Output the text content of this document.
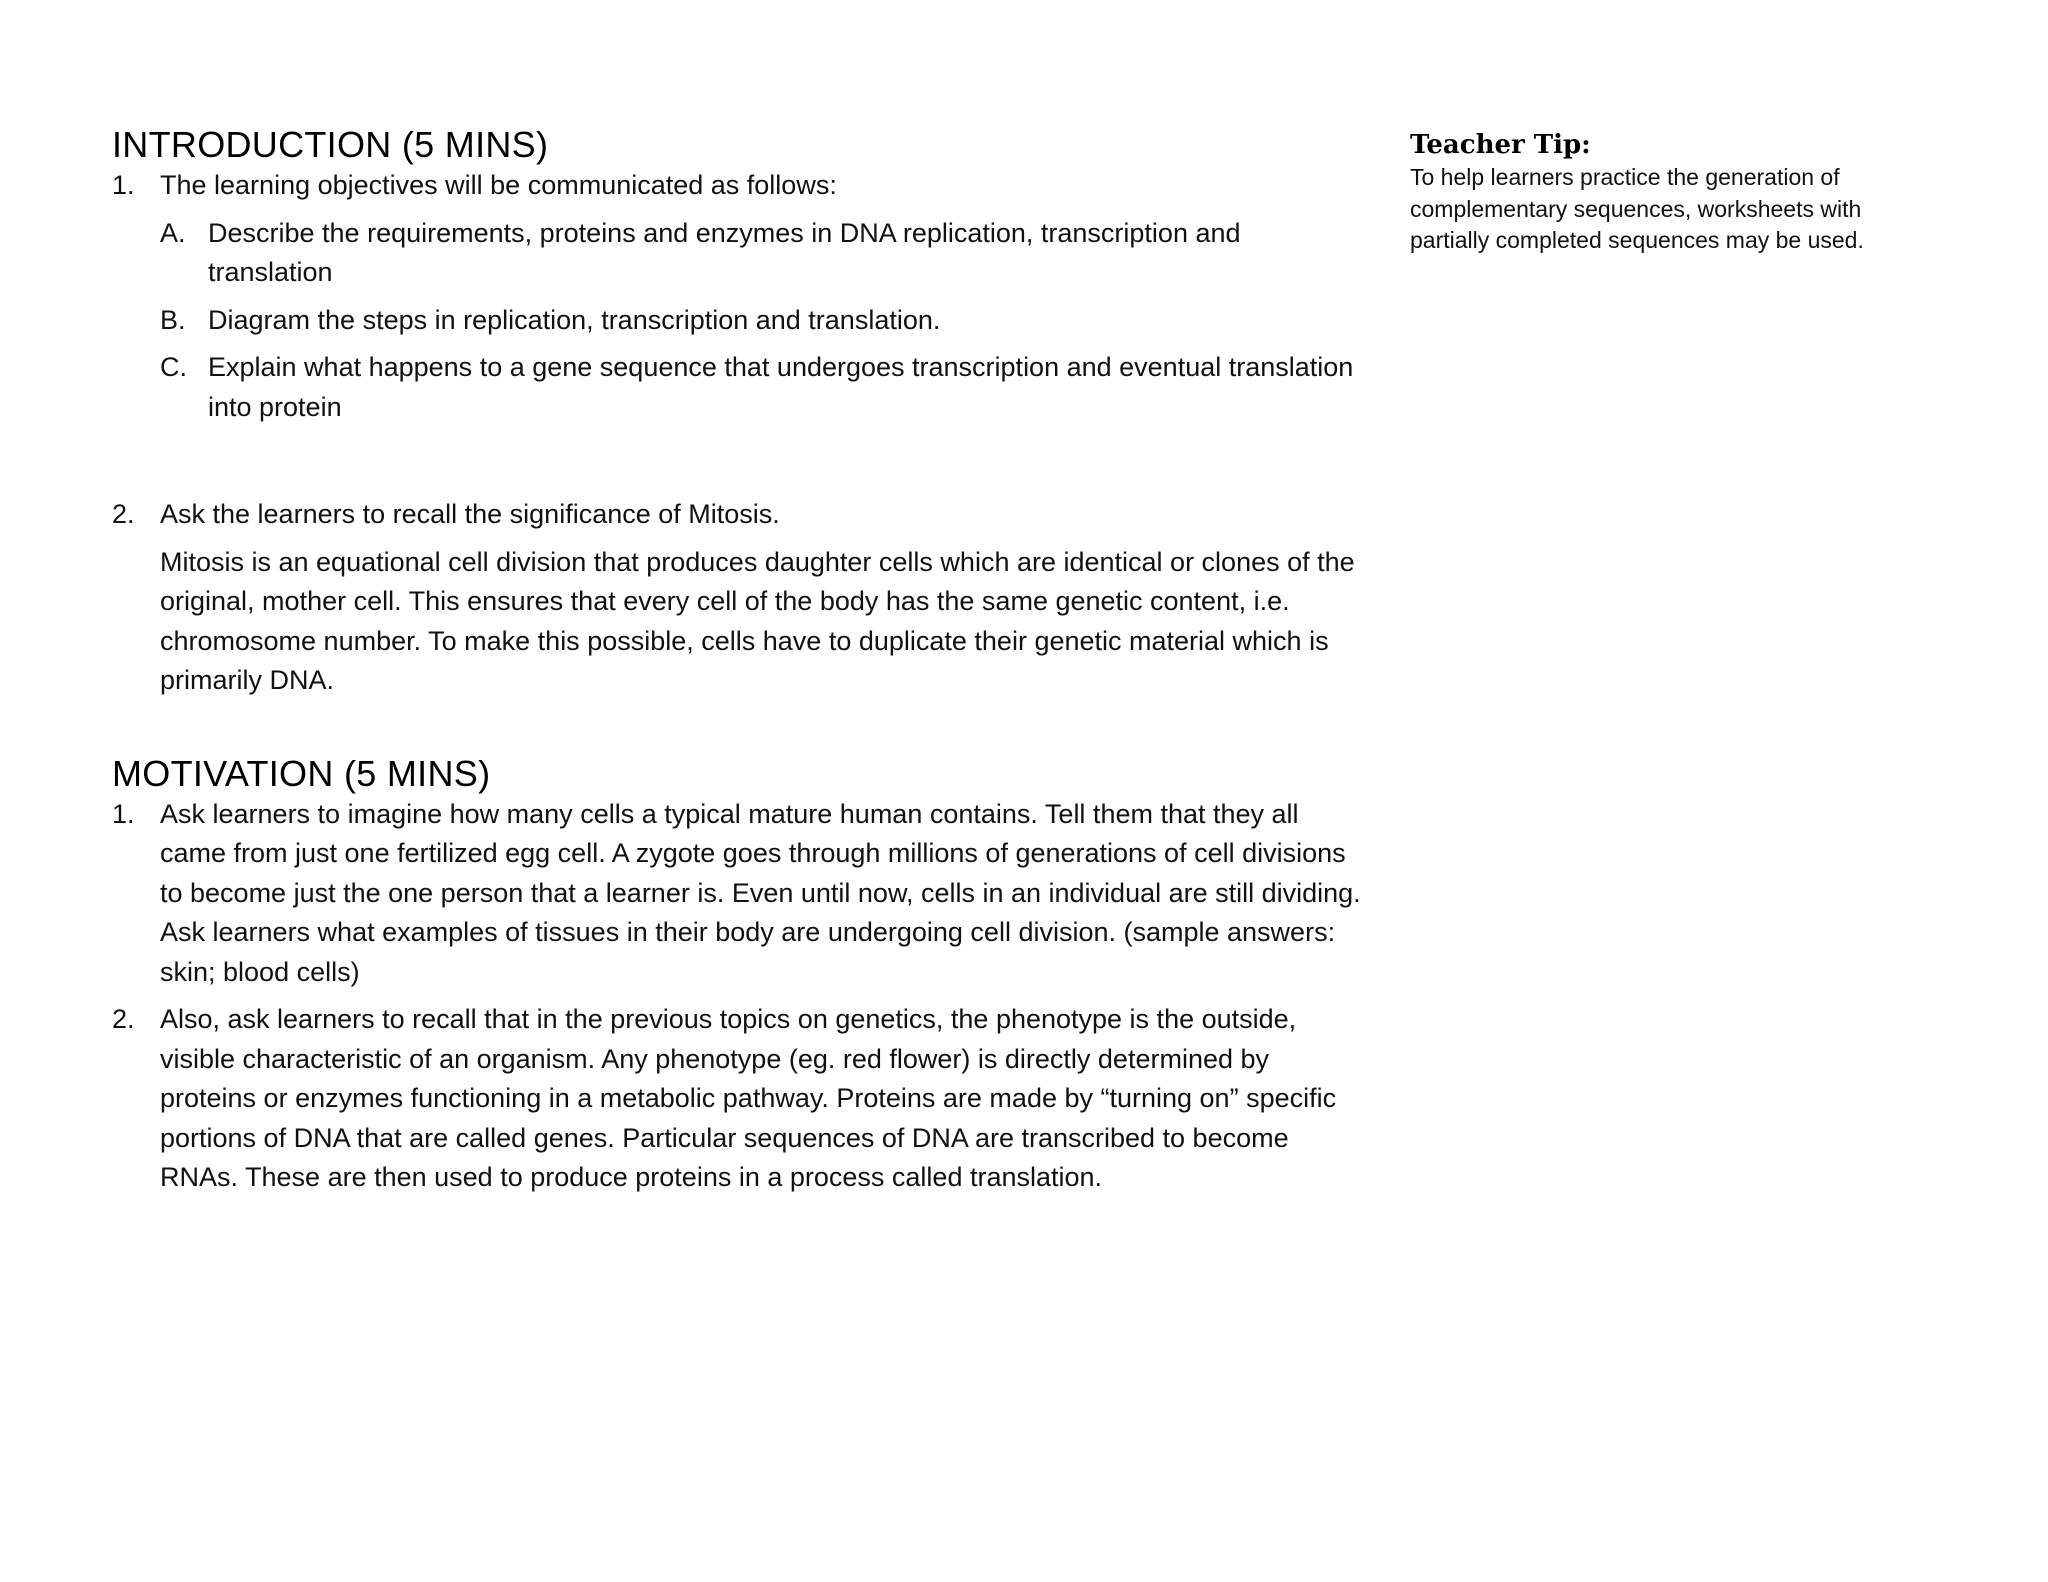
INTRODUCTION (5 MINS)
1. The learning objectives will be communicated as follows:
A. Describe the requirements, proteins and enzymes in DNA replication, transcription and translation
B. Diagram the steps in replication, transcription and translation.
C. Explain what happens to a gene sequence that undergoes transcription and eventual translation into protein
2. Ask the learners to recall the significance of Mitosis.

Mitosis is an equational cell division that produces daughter cells which are identical or clones of the original, mother cell. This ensures that every cell of the body has the same genetic content, i.e. chromosome number. To make this possible, cells have to duplicate their genetic material which is primarily DNA.

MOTIVATION (5 MINS)
1. Ask learners to imagine how many cells a typical mature human contains. Tell them that they all came from just one fertilized egg cell. A zygote goes through millions of generations of cell divisions to become just the one person that a learner is. Even until now, cells in an individual are still dividing. Ask learners what examples of tissues in their body are undergoing cell division. (sample answers: skin; blood cells)
2. Also, ask learners to recall that in the previous topics on genetics, the phenotype is the outside, visible characteristic of an organism. Any phenotype (eg. red flower) is directly determined by proteins or enzymes functioning in a metabolic pathway. Proteins are made by “turning on” specific portions of DNA that are called genes. Particular sequences of DNA are transcribed to become RNAs. These are then used to produce proteins in a process called translation.
Teacher Tip:

To help learners practice the generation of complementary sequences, worksheets with partially completed sequences may be used.
